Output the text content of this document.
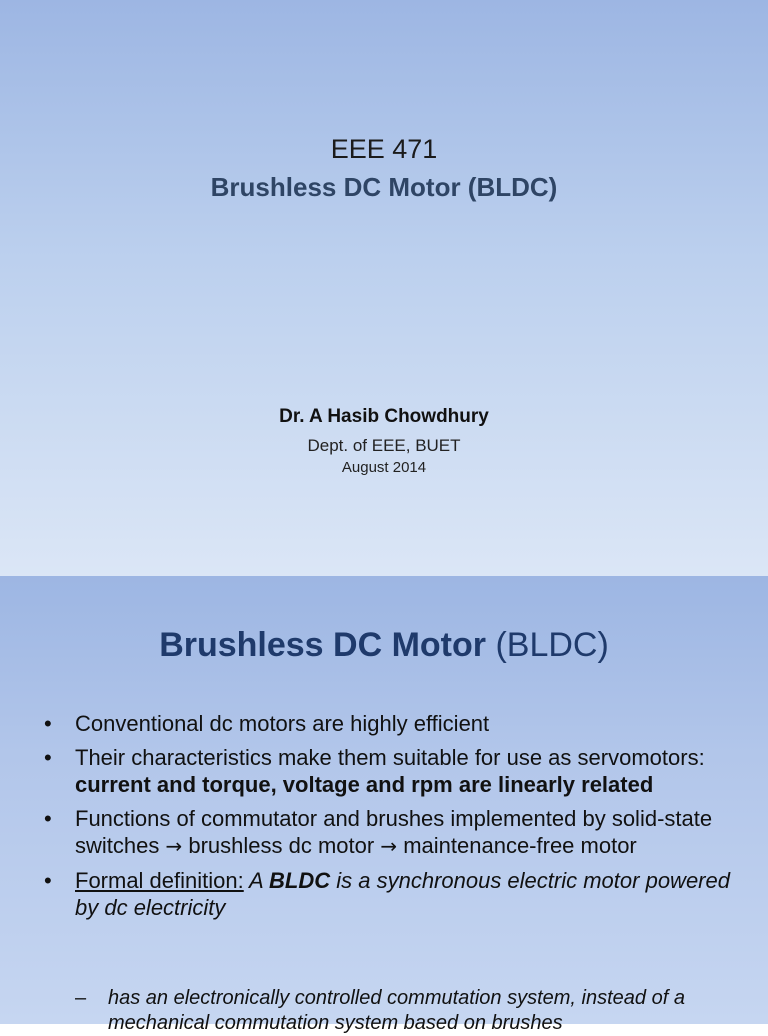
EEE 471
Brushless DC Motor (BLDC)
Dr. A Hasib Chowdhury
Dept. of EEE, BUET
August 2014
Brushless DC Motor (BLDC)
• Conventional dc motors are highly efficient
• Their characteristics make them suitable for use as servomotors: current and torque, voltage and rpm are linearly related
• Functions of commutator and brushes implemented by solid-state switches → brushless dc motor → maintenance-free motor
• Formal definition: A BLDC is a synchronous electric motor powered by dc electricity
–	has an electronically controlled commutation system, instead of a mechanical commutation system based on brushes
